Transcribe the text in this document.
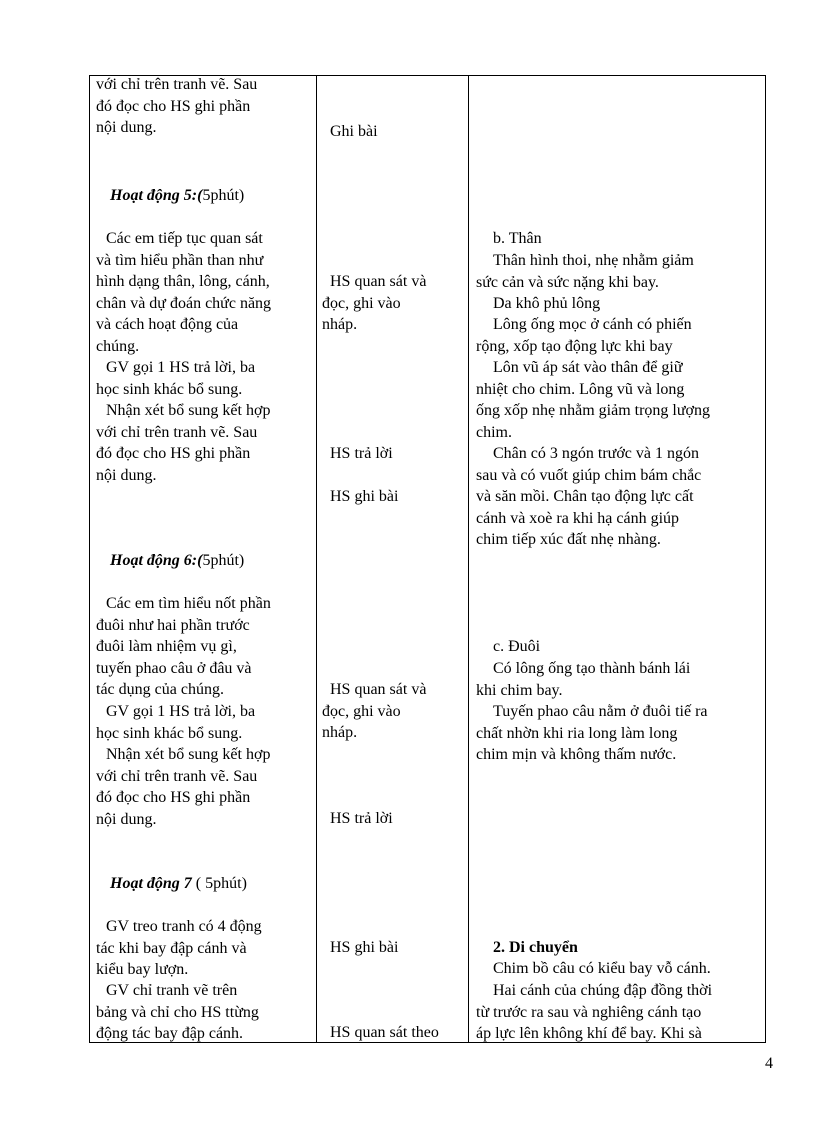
với chỉ trên tranh vẽ. Sau
đó đọc cho HS ghi phần
nội dung.
Hoạt động 5:(5phút)
Các em tiếp tục quan sát
và tìm hiểu phần than như
hình dạng thân, lông, cánh,
chân và dự đoán chức năng
và cách hoạt động của
chúng.
GV gọi 1 HS trả lời, ba
học sinh khác bổ sung.
Nhận xét bổ sung kết hợp
với chỉ trên tranh vẽ. Sau
đó đọc cho HS ghi phần
nội dung.
Hoạt động 6:(5phút)
Các em tìm hiểu nốt phần
đuôi như hai phần trước
đuôi làm nhiệm vụ gì,
tuyến phao câu ở đâu và
tác dụng của chúng.
GV gọi 1 HS trả lời, ba
học sinh khác bổ sung.
Nhận xét bổ sung kết hợp
với chỉ trên tranh vẽ. Sau
đó đọc cho HS ghi phần
nội dung.
Hoạt động 7 ( 5phút)
GV treo tranh có 4 động
tác khi bay đập cánh và
kiểu bay lượn.
GV chỉ tranh vẽ trên
bảng và chỉ cho HS ttừng
động tác bay đập cánh.
Ghi bài
HS quan sát và
đọc, ghi vào
nháp.
HS trả lời
HS ghi bài
HS quan sát và
đọc, ghi vào
nháp.
HS trả lời
HS ghi bài
HS quan sát theo
b. Thân
Thân hình thoi, nhẹ nhằm giảm
sức cản và sức nặng khi bay.
Da khô phủ lông
Lông ống mọc ở cánh có phiến
rộng, xốp tạo động lực khi bay
Lôn vũ áp sát vào thân để giữ
nhiệt cho chim. Lông vũ và long
ống xốp nhẹ nhằm giảm trọng lượng
chim.
Chân có 3 ngón trước và 1 ngón
sau và có vuốt giúp chim bám chắc
và săn mồi. Chân tạo động lực cất
cánh và xoè ra khi hạ cánh giúp
chim tiếp xúc đất nhẹ nhàng.
c. Đuôi
Có lông ống tạo thành bánh lái
khi chim bay.
Tuyến phao câu nằm ở đuôi tiế ra
chất nhờn khi ria long làm long
chim mịn và không thấm nước.
2. Di chuyển
Chim bồ câu có kiểu bay vỗ cánh.
Hai cánh của chúng đập đồng thời
từ trước ra sau và nghiêng cánh tạo
áp lực lên không khí để bay. Khi sà
4
